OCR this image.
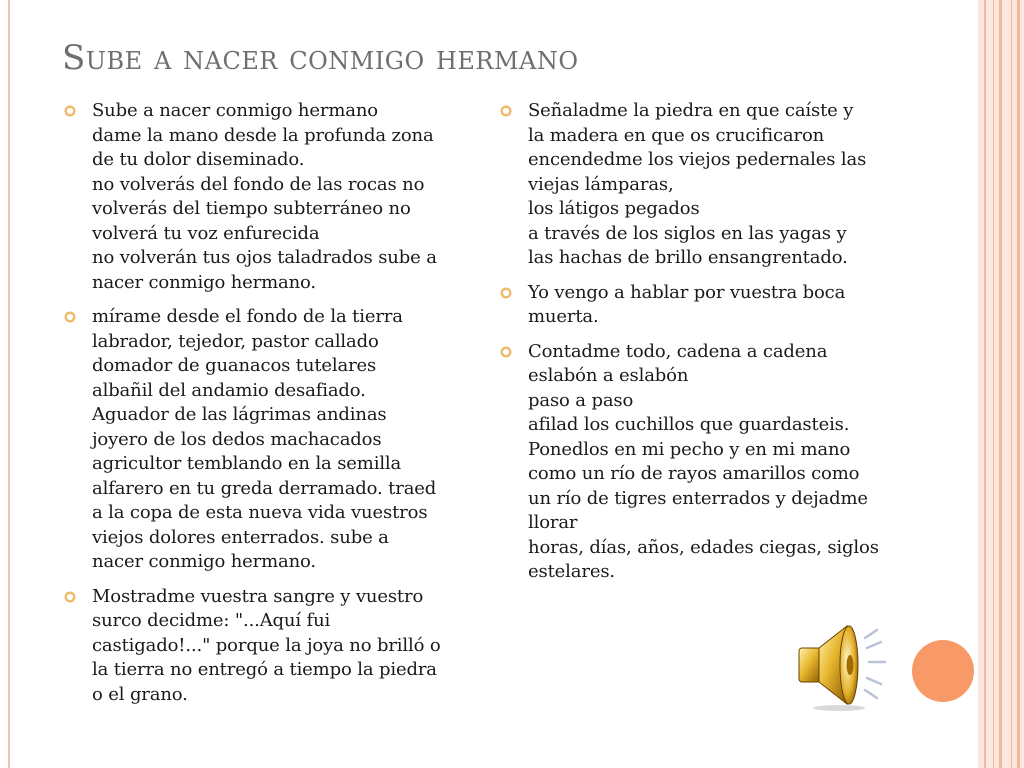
Sube a nacer conmigo hermano
Sube a nacer conmigo hermano
dame la mano desde la profunda zona
de tu dolor diseminado.
no volverás del fondo de las rocas no
volverás del tiempo subterráneo no
volverá tu voz enfurecida
no volverán tus ojos taladrados sube a
nacer conmigo hermano.
mírame desde el fondo de la tierra
labrador, tejedor, pastor callado
domador de guanacos tutelares
albañil del andamio desafiado.
Aguador de las lágrimas andinas
joyero de los dedos machacados
agricultor temblando en la semilla
alfarero en tu greda derramado. traed
a la copa de esta nueva vida vuestros
viejos dolores enterrados. sube a
nacer conmigo hermano.
Mostradme vuestra sangre y vuestro
surco decidme: "...Aquí fui
castigado!..." porque la joya no brilló o
la tierra no entregó a tiempo la piedra
o el grano.
Señaladme la piedra en que caíste y
la madera en que os crucificaron
encendedme los viejos pedernales las
viejas lámparas,
los látigos pegados
a través de los siglos en las yagas y
las hachas de brillo ensangrentado.
Yo vengo a hablar por vuestra boca
muerta.
Contadme todo, cadena a cadena
eslabón a eslabón
paso a paso
afilad los cuchillos que guardasteis.
Ponedlos en mi pecho y en mi mano
como un río de rayos amarillos como
un río de tigres enterrados y dejadme
llorar
horas, días, años, edades ciegas, siglos
estelares.
